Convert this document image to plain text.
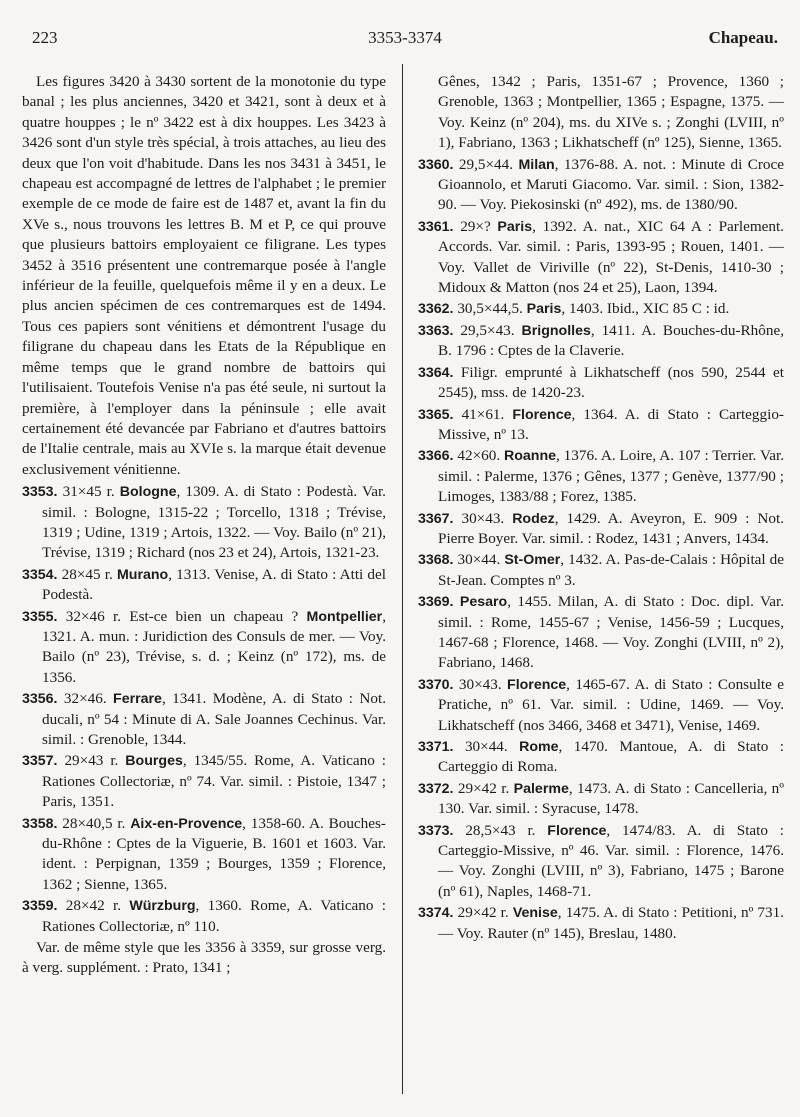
223	3353-3374	Chapeau.

Les figures 3420 à 3430 sortent de la monotonie du type banal ; les plus anciennes, 3420 et 3421, sont à deux et à quatre houppes ; le nº 3422 est à dix houppes. Les 3423 à 3426 sont d'un style très spécial, à trois attaches, au lieu des deux que l'on voit d'habitude. Dans les nos 3431 à 3451, le chapeau est accompagné de lettres de l'alphabet ; le premier exemple de ce mode de faire est de 1487 et, avant la fin du XVe s., nous trouvons les lettres B. M et P, ce qui prouve que plusieurs battoirs employaient ce filigrane. Les types 3452 à 3516 présentent une contremarque posée à l'angle inférieur de la feuille, quelquefois même il y en a deux. Le plus ancien spécimen de ces contremarques est de 1494. Tous ces papiers sont vénitiens et démontrent l'usage du filigrane du chapeau dans les Etats de la République en même temps que le grand nombre de battoirs qui l'utilisaient. Toutefois Venise n'a pas été seule, ni surtout la première, à l'employer dans la péninsule ; elle avait certainement été devancée par Fabriano et d'autres battoirs de l'Italie centrale, mais au XVIe s. la marque était devenue exclusivement vénitienne.

3353. 31×45 r. Bologne, 1309. A. di Stato : Podestà. Var. simil. : Bologne, 1315-22 ; Torcello, 1318 ; Trévise, 1319 ; Udine, 1319 ; Artois, 1322. — Voy. Bailo (nº 21), Trévise, 1319 ; Richard (nos 23 et 24), Artois, 1321-23.

3354. 28×45 r. Murano, 1313. Venise, A. di Stato : Atti del Podestà.

3355. 32×46 r. Est-ce bien un chapeau ? Montpellier, 1321. A. mun. : Juridiction des Consuls de mer. — Voy. Bailo (nº 23), Trévise, s. d. ; Keinz (nº 172), ms. de 1356.

3356. 32×46. Ferrare, 1341. Modène, A. di Stato : Not. ducali, nº 54 : Minute di A. Sale Joannes Cechinus. Var. simil. : Grenoble, 1344.

3357. 29×43 r. Bourges, 1345/55. Rome, A. Vaticano : Rationes Collectoriæ, nº 74. Var. simil. : Pistoie, 1347 ; Paris, 1351.

3358. 28×40,5 r. Aix-en-Provence, 1358-60. A. Bouches-du-Rhône : Cptes de la Viguerie, B. 1601 et 1603. Var. ident. : Perpignan, 1359 ; Bourges, 1359 ; Florence, 1362 ; Sienne, 1365.

3359. 28×42 r. Würzburg, 1360. Rome, A. Vaticano : Rationes Collectoriæ, nº 110.

Var. de même style que les 3356 à 3359, sur grosse verg. à verg. supplément. : Prato, 1341 ;

Gênes, 1342 ; Paris, 1351-67 ; Provence, 1360 ; Grenoble, 1363 ; Montpellier, 1365 ; Espagne, 1375. — Voy. Keinz (nº 204), ms. du XIVe s. ; Zonghi (LVIII, nº 1), Fabriano, 1363 ; Likhatscheff (nº 125), Sienne, 1365.

3360. 29,5×44. Milan, 1376-88. A. not. : Minute di Croce Gioannolo, et Maruti Giacomo. Var. simil. : Sion, 1382-90. — Voy. Piekosinski (nº 492), ms. de 1380/90.

3361. 29×? Paris, 1392. A. nat., XIC 64 A : Parlement. Accords. Var. simil. : Paris, 1393-95 ; Rouen, 1401. — Voy. Vallet de Viriville (nº 22), St-Denis, 1410-30 ; Midoux & Matton (nos 24 et 25), Laon, 1394.

3362. 30,5×44,5. Paris, 1403. Ibid., XIC 85 C : id.

3363. 29,5×43. Brignolles, 1411. A. Bouches-du-Rhône, B. 1796 : Cptes de la Claverie.

3364. Filigr. emprunté à Likhatscheff (nos 590, 2544 et 2545), mss. de 1420-23.

3365. 41×61. Florence, 1364. A. di Stato : Carteggio-Missive, nº 13.

3366. 42×60. Roanne, 1376. A. Loire, A. 107 : Terrier. Var. simil. : Palerme, 1376 ; Gênes, 1377 ; Genève, 1377/90 ; Limoges, 1383/88 ; Forez, 1385.

3367. 30×43. Rodez, 1429. A. Aveyron, E. 909 : Not. Pierre Boyer. Var. simil. : Rodez, 1431 ; Anvers, 1434.

3368. 30×44. St-Omer, 1432. A. Pas-de-Calais : Hôpital de St-Jean. Comptes nº 3.

3369. Pesaro, 1455. Milan, A. di Stato : Doc. dipl. Var. simil. : Rome, 1455-67 ; Venise, 1456-59 ; Lucques, 1467-68 ; Florence, 1468. — Voy. Zonghi (LVIII, nº 2), Fabriano, 1468.

3370. 30×43. Florence, 1465-67. A. di Stato : Consulte e Pratiche, nº 61. Var. simil. : Udine, 1469. — Voy. Likhatscheff (nos 3466, 3468 et 3471), Venise, 1469.

3371. 30×44. Rome, 1470. Mantoue, A. di Stato : Carteggio di Roma.

3372. 29×42 r. Palerme, 1473. A. di Stato : Cancelleria, nº 130. Var. simil. : Syracuse, 1478.

3373. 28,5×43 r. Florence, 1474/83. A. di Stato : Carteggio-Missive, nº 46. Var. simil. : Florence, 1476. — Voy. Zonghi (LVIII, nº 3), Fabriano, 1475 ; Barone (nº 61), Naples, 1468-71.

3374. 29×42 r. Venise, 1475. A. di Stato : Petitioni, nº 731. — Voy. Rauter (nº 145), Breslau, 1480.
